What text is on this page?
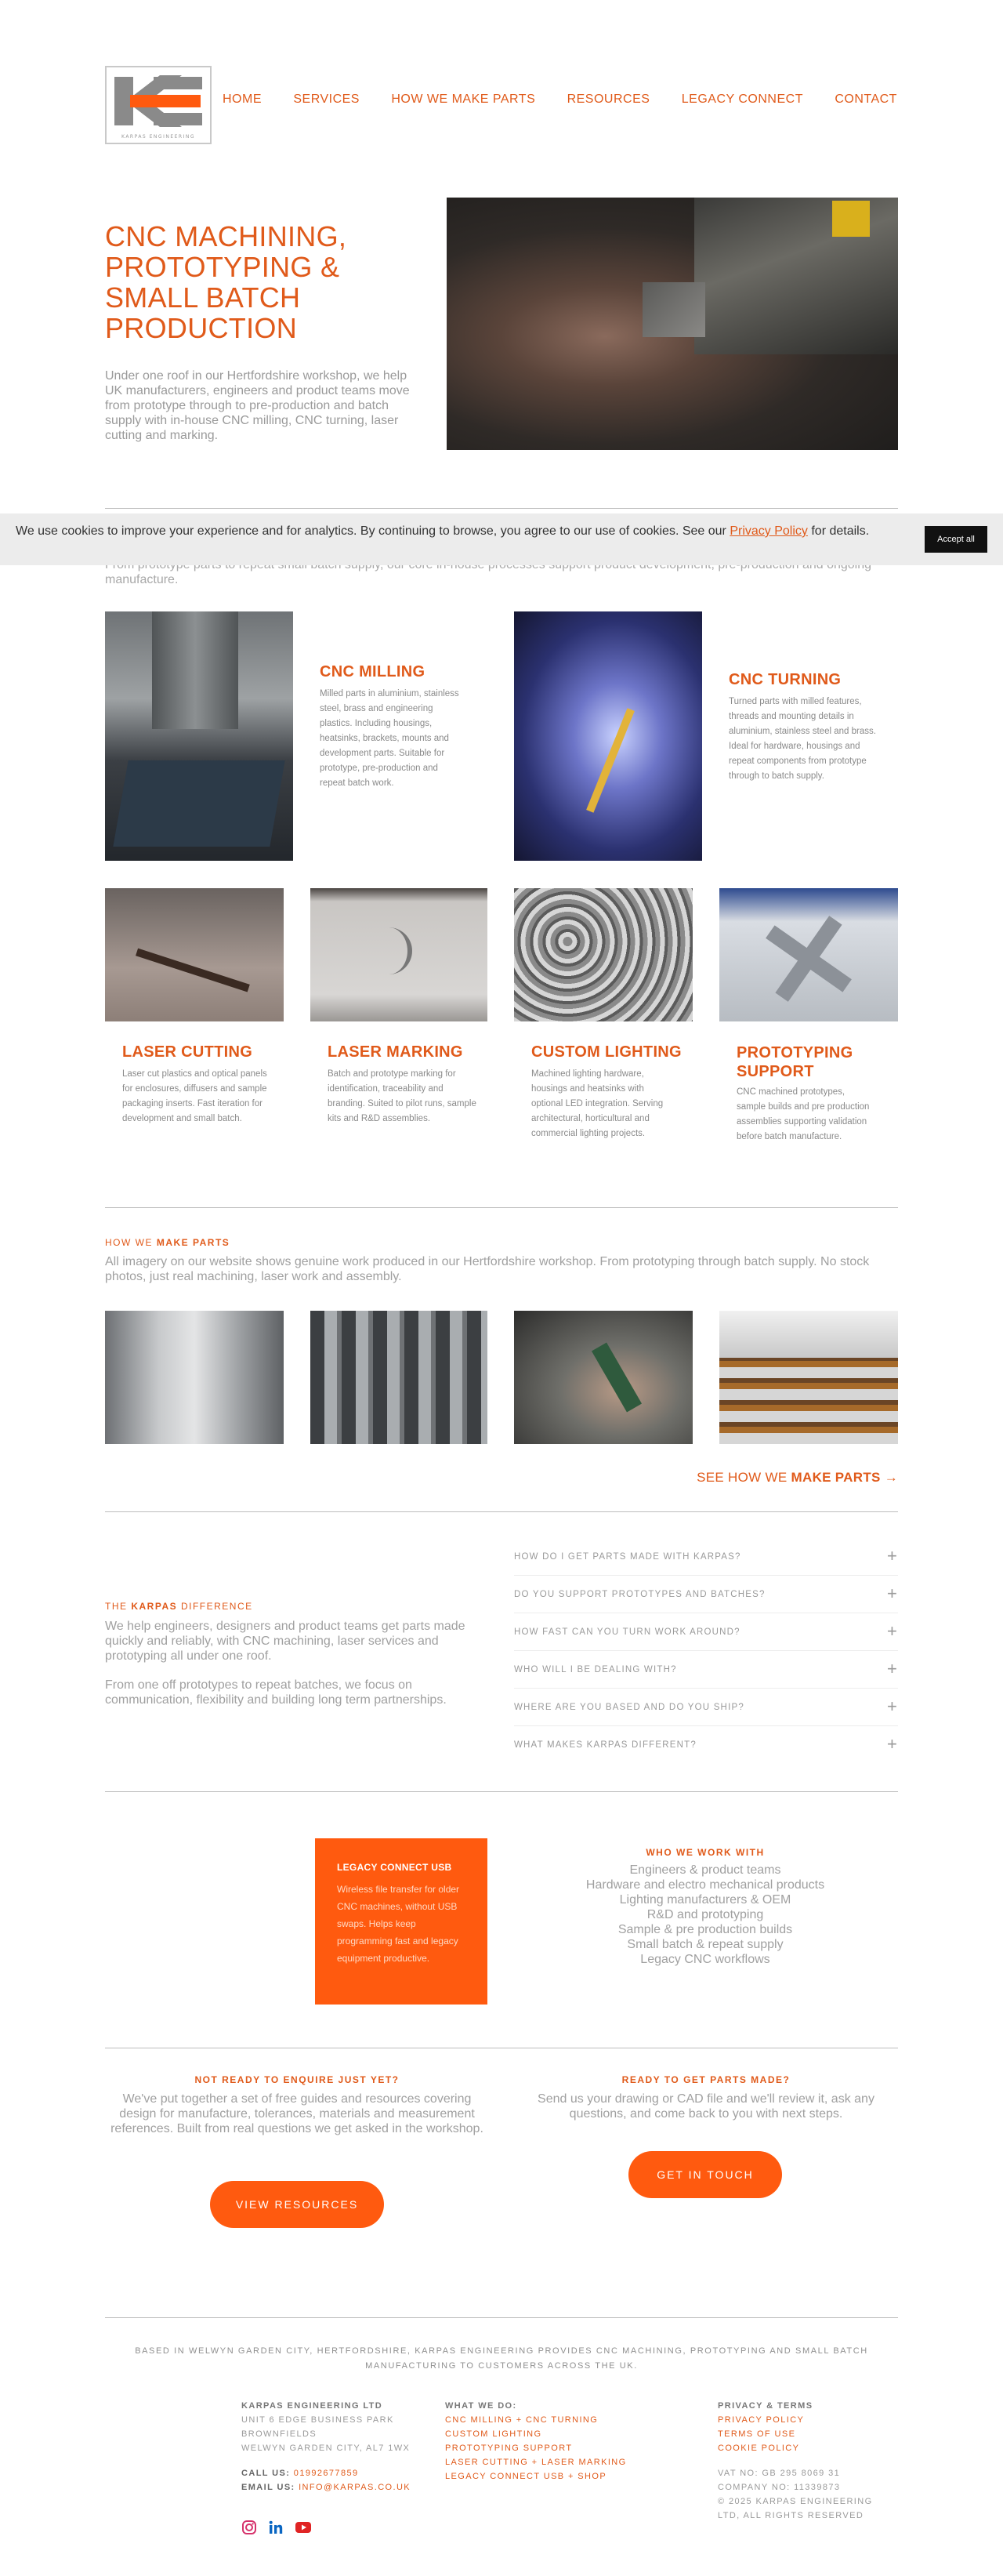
KARPAS ENGINEERING
HOME	SERVICES	HOW WE MAKE PARTS	RESOURCES	LEGACY CONNECT	CONTACT
CNC MACHINING, PROTOTYPING & SMALL BATCH PRODUCTION

Under one roof in our Hertfordshire workshop, we help UK manufacturers, engineers and product teams move from prototype through to pre-production and batch supply with in-house CNC milling, CNC turning, laser cutting and marking.

manufacture.

We use cookies to improve your experience and for analytics. By continuing to browse, you agree to our use of cookies. See our Privacy Policy for details.
Accept all
CNC MILLING

Milled parts in aluminium, stainless steel, brass and engineering plastics. Including housings, heatsinks, brackets, mounts and development parts. Suitable for prototype, pre-production and repeat batch work.

CNC TURNING

Turned parts with milled features, threads and mounting details in aluminium, stainless steel and brass. Ideal for hardware, housings and repeat components from prototype through to batch supply.

LASER CUTTING

Laser cut plastics and optical panels for enclosures, diffusers and sample packaging inserts. Fast iteration for development and small batch.

LASER MARKING

Batch and prototype marking for identification, traceability and branding. Suited to pilot runs, sample kits and R&D assemblies.

CUSTOM LIGHTING

Machined lighting hardware, housings and heatsinks with optional LED integration. Serving architectural, horticultural and commercial lighting projects.

PROTOTYPING SUPPORT

CNC machined prototypes, sample builds and pre production assemblies supporting validation before batch manufacture.

HOW WE MAKE PARTS

All imagery on our website shows genuine work produced in our Hertfordshire workshop. From prototyping through batch supply. No stock photos, just real machining, laser work and assembly.

SEE HOW WE MAKE PARTS →
THE KARPAS DIFFERENCE

We help engineers, designers and product teams get parts made quickly and reliably, with CNC machining, laser services and prototyping all under one roof.

From one off prototypes to repeat batches, we focus on communication, flexibility and building long term partnerships.

HOW DO I GET PARTS MADE WITH KARPAS?	+
DO YOU SUPPORT PROTOTYPES AND BATCHES?	+
HOW FAST CAN YOU TURN WORK AROUND?	+
WHO WILL I BE DEALING WITH?	+
WHERE ARE YOU BASED AND DO YOU SHIP?	+
WHAT MAKES KARPAS DIFFERENT?	+
LEGACY CONNECT USB

Wireless file transfer for older CNC machines, without USB swaps. Helps keep programming fast and legacy equipment productive.

WHO WE WORK WITH
Engineers & product teams
Hardware and electro mechanical products
Lighting manufacturers & OEM
R&D and prototyping
Sample & pre production builds
Small batch & repeat supply
Legacy CNC workflows
NOT READY TO ENQUIRE JUST YET?

We've put together a set of free guides and resources covering design for manufacture, tolerances, materials and measurement references. Built from real questions we get asked in the workshop.

VIEW RESOURCES
READY TO GET PARTS MADE?

Send us your drawing or CAD file and we'll review it, ask any questions, and come back to you with next steps.

GET IN TOUCH

BASED IN WELWYN GARDEN CITY, HERTFORDSHIRE, KARPAS ENGINEERING PROVIDES CNC MACHINING, PROTOTYPING AND SMALL BATCH MANUFACTURING TO CUSTOMERS ACROSS THE UK.

KARPAS ENGINEERING LTD
UNIT 6 EDGE BUSINESS PARK
BROWNFIELDS
WELWYN GARDEN CITY, AL7 1WX
CALL US: 01992677859
EMAIL US: INFO@KARPAS.CO.UK
WHAT WE DO:
CNC MILLING + CNC TURNING
CUSTOM LIGHTING
PROTOTYPING SUPPORT
LASER CUTTING + LASER MARKING
LEGACY CONNECT USB + SHOP
PRIVACY & TERMS
PRIVACY POLICY
TERMS OF USE
COOKIE POLICY
VAT NO: GB 295 8069 31
COMPANY NO: 11339873
© 2025 KARPAS ENGINEERING LTD, ALL RIGHTS RESERVED
